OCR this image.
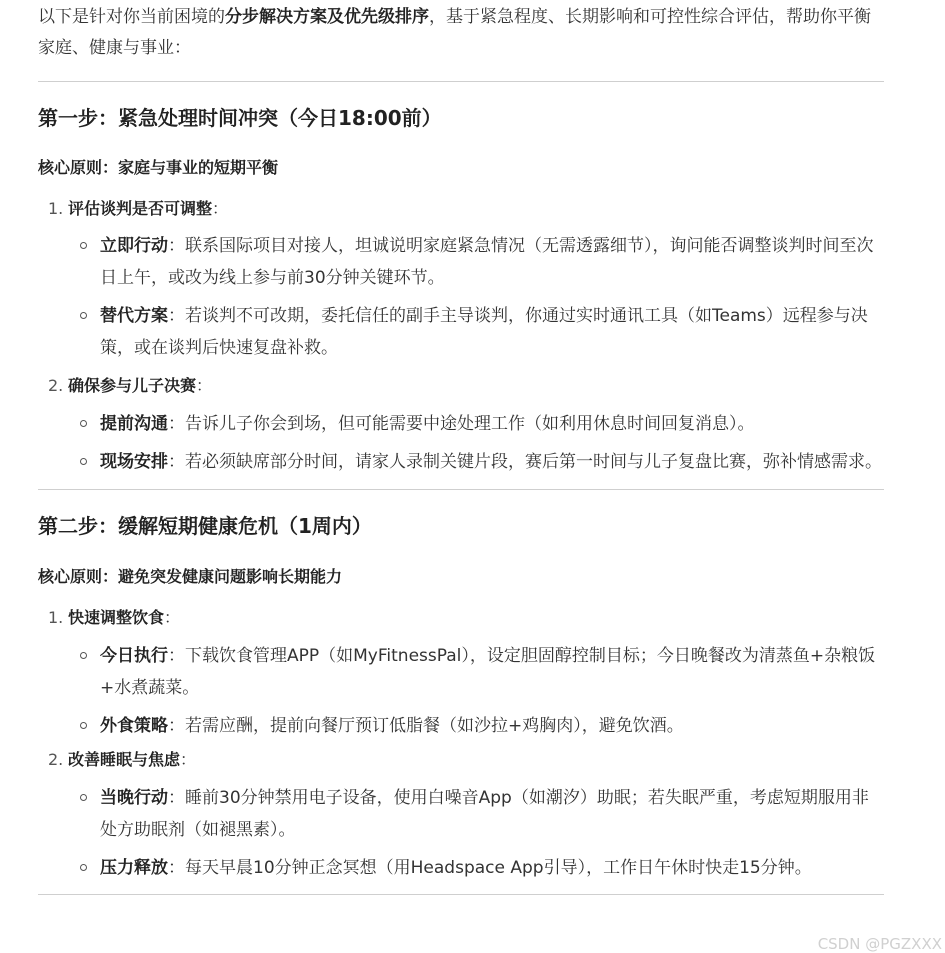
以下是针对你当前困境的分步解决方案及优先级排序，基于紧急程度、长期影响和可控性综合评估，帮助你平衡家庭、健康与事业：

第一步：紧急处理时间冲突（今日18:00前）

核心原则：家庭与事业的短期平衡

1. 评估谈判是否可调整：
立即行动：联系国际项目对接人，坦诚说明家庭紧急情况（无需透露细节），询问能否调整谈判时间至次日上午，或改为线上参与前30分钟关键环节。
替代方案：若谈判不可改期，委托信任的副手主导谈判，你通过实时通讯工具（如Teams）远程参与决策，或在谈判后快速复盘补救。
2. 确保参与儿子决赛：
提前沟通：告诉儿子你会到场，但可能需要中途处理工作（如利用休息时间回复消息）。
现场安排：若必须缺席部分时间，请家人录制关键片段，赛后第一时间与儿子复盘比赛，弥补情感需求。
第二步：缓解短期健康危机（1周内）

核心原则：避免突发健康问题影响长期能力

1. 快速调整饮食：
今日执行：下载饮食管理APP（如MyFitnessPal），设定胆固醇控制目标；今日晚餐改为清蒸鱼+杂粮饭+水煮蔬菜。
外食策略：若需应酬，提前向餐厅预订低脂餐（如沙拉+鸡胸肉），避免饮酒。
2. 改善睡眠与焦虑：
当晚行动：睡前30分钟禁用电子设备，使用白噪音App（如潮汐）助眠；若失眠严重，考虑短期服用非处方助眠剂（如褪黑素）。
压力释放：每天早晨10分钟正念冥想（用Headspace App引导），工作日午休时快走15分钟。
CSDN @PGZXXX
